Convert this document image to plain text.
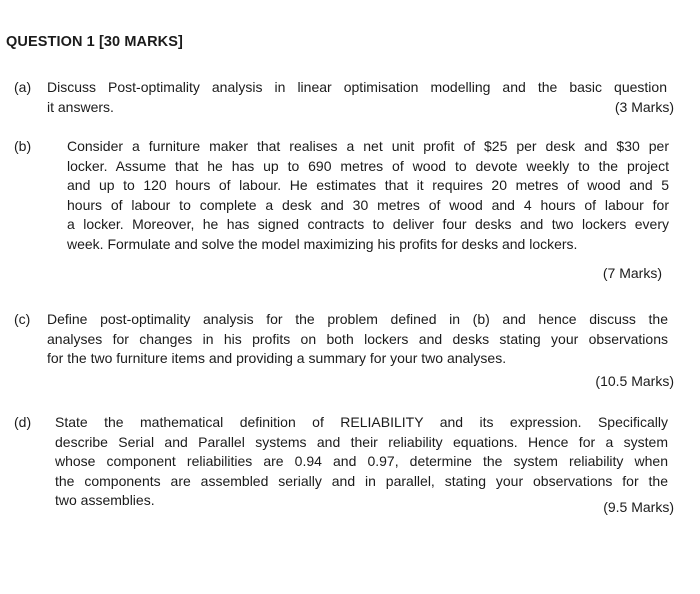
QUESTION 1 [30 MARKS]
(a) Discuss Post-optimality analysis in linear optimisation modelling and the basic question
it answers.	(3 Marks)
(b)	Consider a furniture maker that realises a net unit profit of $25 per desk and $30 per
locker. Assume that he has up to 690 metres of wood to devote weekly to the project
and up to 120 hours of labour. He estimates that it requires 20 metres of wood and 5
hours of labour to complete a desk and 30 metres of wood and 4 hours of labour for
a locker. Moreover, he has signed contracts to deliver four desks and two lockers every
week. Formulate and solve the model maximizing his profits for desks and lockers.
(7 Marks)
(c) Define post-optimality analysis for the problem defined in (b) and hence discuss the
analyses for changes in his profits on both lockers and desks stating your observations
for the two furniture items and providing a summary for your two analyses.
(10.5 Marks)
(d) State the mathematical definition of RELIABILITY and its expression. Specifically
describe Serial and Parallel systems and their reliability equations. Hence for a system
whose component reliabilities are 0.94 and 0.97, determine the system reliability when
the components are assembled serially and in parallel, stating your observations for the
two assemblies.	(9.5 Marks)
